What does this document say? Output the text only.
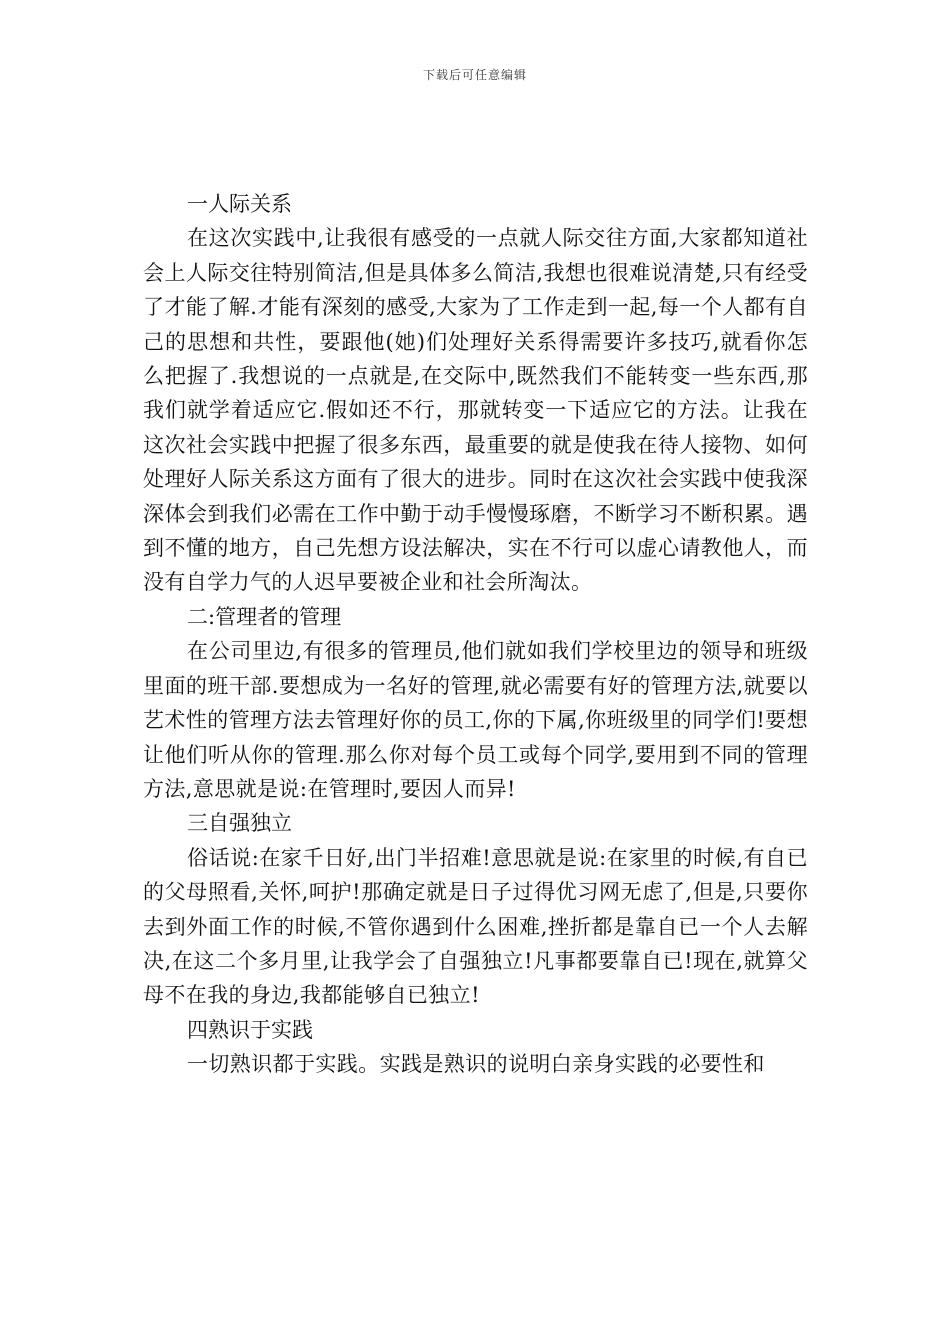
下载后可任意编辑

一人际关系

在这次实践中,让我很有感受的一点就人际交往方面,大家都知道社会上人际交往特别简洁,但是具体多么简洁,我想也很难说清楚,只有经受了才能了解.才能有深刻的感受,大家为了工作走到一起,每一个人都有自己的思想和共性，要跟他(她)们处理好关系得需要许多技巧,就看你怎么把握了.我想说的一点就是,在交际中,既然我们不能转变一些东西,那我们就学着适应它.假如还不行，那就转变一下适应它的方法。让我在这次社会实践中把握了很多东西，最重要的就是使我在待人接物、如何处理好人际关系这方面有了很大的进步。同时在这次社会实践中使我深深体会到我们必需在工作中勤于动手慢慢琢磨，不断学习不断积累。遇到不懂的地方，自己先想方设法解决，实在不行可以虚心请教他人，而没有自学力气的人迟早要被企业和社会所淘汰。

二:管理者的管理

在公司里边,有很多的管理员,他们就如我们学校里边的领导和班级里面的班干部.要想成为一名好的管理,就必需要有好的管理方法,就要以艺术性的管理方法去管理好你的员工,你的下属,你班级里的同学们!要想让他们听从你的管理.那么你对每个员工或每个同学,要用到不同的管理方法,意思就是说:在管理时,要因人而异!

三自强独立

俗话说:在家千日好,出门半招难!意思就是说:在家里的时候,有自已的父母照看,关怀,呵护!那确定就是日子过得优习网无虑了,但是,只要你去到外面工作的时候,不管你遇到什么困难,挫折都是靠自已一个人去解决,在这二个多月里,让我学会了自强独立!凡事都要靠自已!现在,就算父母不在我的身边,我都能够自已独立!

四熟识于实践

一切熟识都于实践。实践是熟识的说明白亲身实践的必要性和
